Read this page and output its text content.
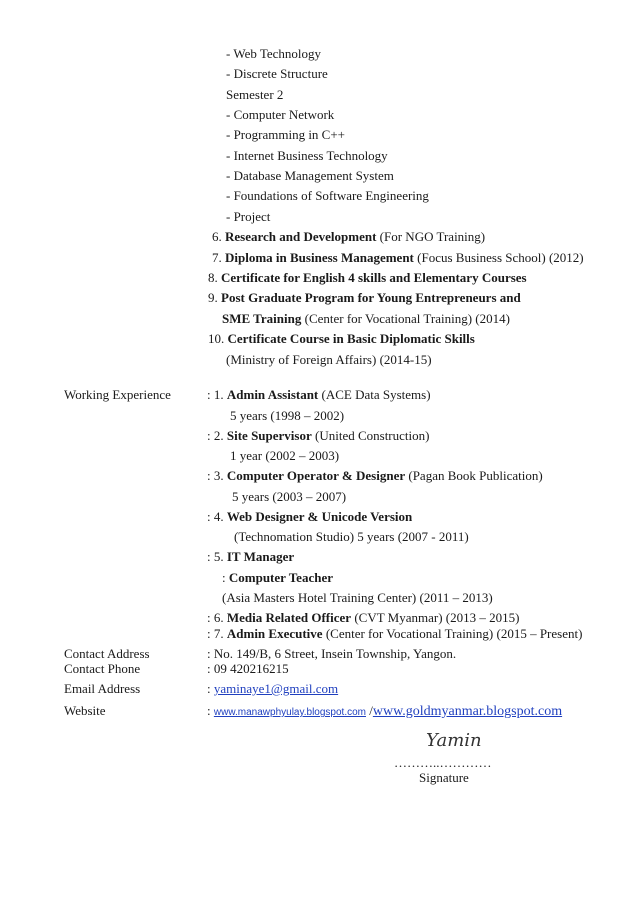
- Web Technology
- Discrete Structure
Semester 2
- Computer Network
- Programming in C++
- Internet Business Technology
- Database Management System
- Foundations of Software Engineering
- Project
6. Research and Development (For NGO Training)
7. Diploma in Business Management (Focus Business School) (2012)
8. Certificate for English 4 skills and Elementary Courses
9. Post Graduate Program for Young Entrepreneurs and
SME Training (Center for Vocational Training) (2014)
10. Certificate Course in Basic Diplomatic Skills
(Ministry of Foreign Affairs) (2014-15)
Working Experience	: 1. Admin Assistant (ACE Data Systems)
5 years (1998 – 2002)
: 2. Site Supervisor (United Construction)
1 year (2002 – 2003)
: 3. Computer Operator & Designer (Pagan Book Publication)
5 years (2003 – 2007)
: 4. Web Designer & Unicode Version
(Technomation Studio) 5 years (2007 - 2011)
: 5. IT Manager
: Computer Teacher
(Asia Masters Hotel Training Center) (2011 – 2013)
: 6. Media Related Officer (CVT Myanmar) (2013 – 2015)
: 7. Admin Executive (Center for Vocational Training) (2015 – Present)
Contact Address	: No. 149/B, 6 Street, Insein Township, Yangon.
Contact Phone	: 09 420216215
Email Address	: yaminaye1@gmail.com
Website	: www.manawphyulay.blogspot.com /www.goldmyanmar.blogspot.com
Yamin
………..…………
Signature
